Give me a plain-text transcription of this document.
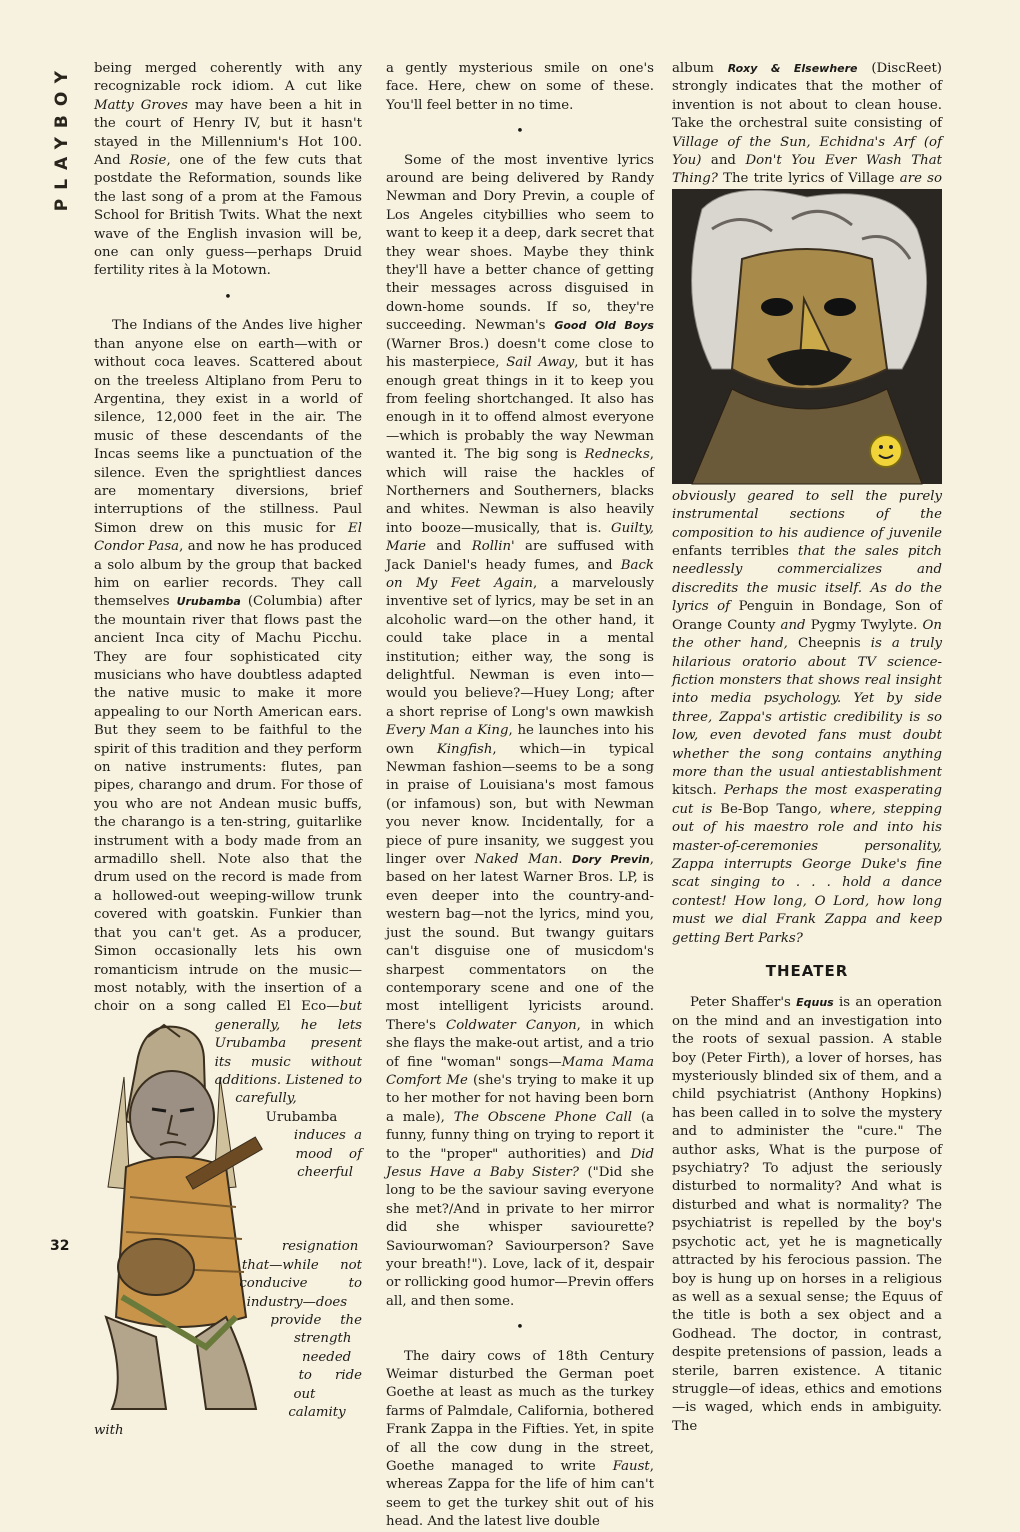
PLAYBOY
32

being merged coherently with any recognizable rock idiom. A cut like Matty Groves may have been a hit in the court of Henry IV, but it hasn't stayed in the Millennium's Hot 100. And Rosie, one of the few cuts that postdate the Reformation, sounds like the last song of a prom at the Famous School for British Twits. What the next wave of the English invasion will be, one can only guess—perhaps Druid fertility rites à la Motown.

•

The Indians of the Andes live higher than anyone else on earth—with or without coca leaves. Scattered about on the treeless Altiplano from Peru to Argentina, they exist in a world of silence, 12,000 feet in the air. The music of these descendants of the Incas seems like a punctuation of the silence. Even the sprightliest dances are momentary diversions, brief interruptions of the stillness. Paul Simon drew on this music for El Condor Pasa, and now he has produced a solo album by the group that backed him on earlier records. They call themselves Urubamba (Columbia) after the mountain river that flows past the ancient Inca city of Machu Picchu. They are four sophisticated city musicians who have doubtless adapted the native music to make it more appealing to our North American ears. But they seem to be faithful to the spirit of this tradition and they perform on native instruments: flutes, pan pipes, charango and drum. For those of you who are not Andean music buffs, the charango is a ten-string, guitarlike instrument with a body made from an armadillo shell. Note also that the drum used on the record is made from a hollowed-out weeping-willow trunk covered with goatskin. Funkier than that you can't get. As a producer, Simon occasionally lets his own romanticism intrude on the music—most notably, with the insertion of a choir on a song called
El Eco—but generally, he lets Urubamba present its music without additions. Listened to carefully, Urubamba induces a mood of cheerful resignation that—while not conducive to industry—does provide the strength needed to ride out calamity with

a gently mysterious smile on one's face. Here, chew on some of these. You'll feel better in no time.

•

Some of the most inventive lyrics around are being delivered by Randy Newman and Dory Previn, a couple of Los Angeles citybillies who seem to want to keep it a deep, dark secret that they wear shoes. Maybe they think they'll have a better chance of getting their messages across disguised in down-home sounds. If so, they're succeeding. Newman's Good Old Boys (Warner Bros.) doesn't come close to his masterpiece, Sail Away, but it has enough great things in it to keep you from feeling shortchanged. It also has enough in it to offend almost everyone—which is probably the way Newman wanted it. The big song is Rednecks, which will raise the hackles of Northerners and Southerners, blacks and whites. Newman is also heavily into booze—musically, that is. Guilty, Marie and Rollin' are suffused with Jack Daniel's heady fumes, and Back on My Feet Again, a marvelously inventive set of lyrics, may be set in an alcoholic ward—on the other hand, it could take place in a mental institution; either way, the song is delightful. Newman is even into—would you believe?—Huey Long; after a short reprise of Long's own mawkish Every Man a King, he launches into his own Kingfish, which—in typical Newman fashion—seems to be a song in praise of Louisiana's most famous (or infamous) son, but with Newman you never know. Incidentally, for a piece of pure insanity, we suggest you linger over Naked Man. Dory Previn, based on her latest Warner Bros. LP, is even deeper into the country-and-western bag—not the lyrics, mind you, just the sound. But twangy guitars can't disguise one of musicdom's sharpest commentators on the contemporary scene and one of the most intelligent lyricists around. There's Coldwater Canyon, in which she flays the make-out artist, and a trio of fine "woman" songs—Mama Mama Comfort Me (she's trying to make it up to her mother for not having been born a male), The Obscene Phone Call (a funny, funny thing on trying to report it to the "proper" authorities) and Did Jesus Have a Baby Sister? ("Did she long to be the saviour saving everyone she met?/And in private to her mirror did she whisper saviourette? Saviourwoman? Saviourperson? Save your breath!"). Love, lack of it, despair or rollicking good humor—Previn offers all, and then some.

•

The dairy cows of 18th Century Weimar disturbed the German poet Goethe at least as much as the turkey farms of Palmdale, California, bothered Frank Zappa in the Fifties. Yet, in spite of all the cow dung in the street, Goethe managed to write Faust, whereas Zappa for the life of him can't seem to get the turkey shit out of his head. And the latest live double

album Roxy & Elsewhere (DiscReet) strongly indicates that the mother of invention is not about to clean house. Take the orchestral suite consisting of Village of the Sun, Echidna's Arf (of You) and Don't You Ever Wash That Thing? The trite lyrics of
Village are so obviously geared to sell the purely instrumental sections of the composition to his audience of juvenile enfants terribles that the sales pitch needlessly commercializes and discredits the music itself. As do the lyrics of Penguin in Bondage, Son of Orange County and Pygmy Twylyte. On the other hand, Cheepnis is a truly hilarious oratorio about TV science-fiction monsters that shows real insight into media psychology. Yet by side three, Zappa's artistic credibility is so low, even devoted fans must doubt whether the song contains anything more than the usual antiestablishment kitsch. Perhaps the most exasperating cut is Be-Bop Tango, where, stepping out of his maestro role and into his master-of-ceremonies personality, Zappa interrupts George Duke's fine scat singing to . . . hold a dance contest! How long, O Lord, how long must we dial Frank Zappa and keep getting Bert Parks?

THEATER

Peter Shaffer's Equus is an operation on the mind and an investigation into the roots of sexual passion. A stable boy (Peter Firth), a lover of horses, has mysteriously blinded six of them, and a child psychiatrist (Anthony Hopkins) has been called in to solve the mystery and to administer the "cure." The author asks, What is the purpose of psychiatry? To adjust the seriously disturbed to normality? And what is disturbed and what is normality? The psychiatrist is repelled by the boy's psychotic act, yet he is magnetically attracted by his ferocious passion. The boy is hung up on horses in a religious as well as a sexual sense; the Equus of the title is both a sex object and a Godhead. The doctor, in contrast, despite pretensions of passion, leads a sterile, barren existence. A titanic struggle—of ideas, ethics and emotions—is waged, which ends in ambiguity. The
